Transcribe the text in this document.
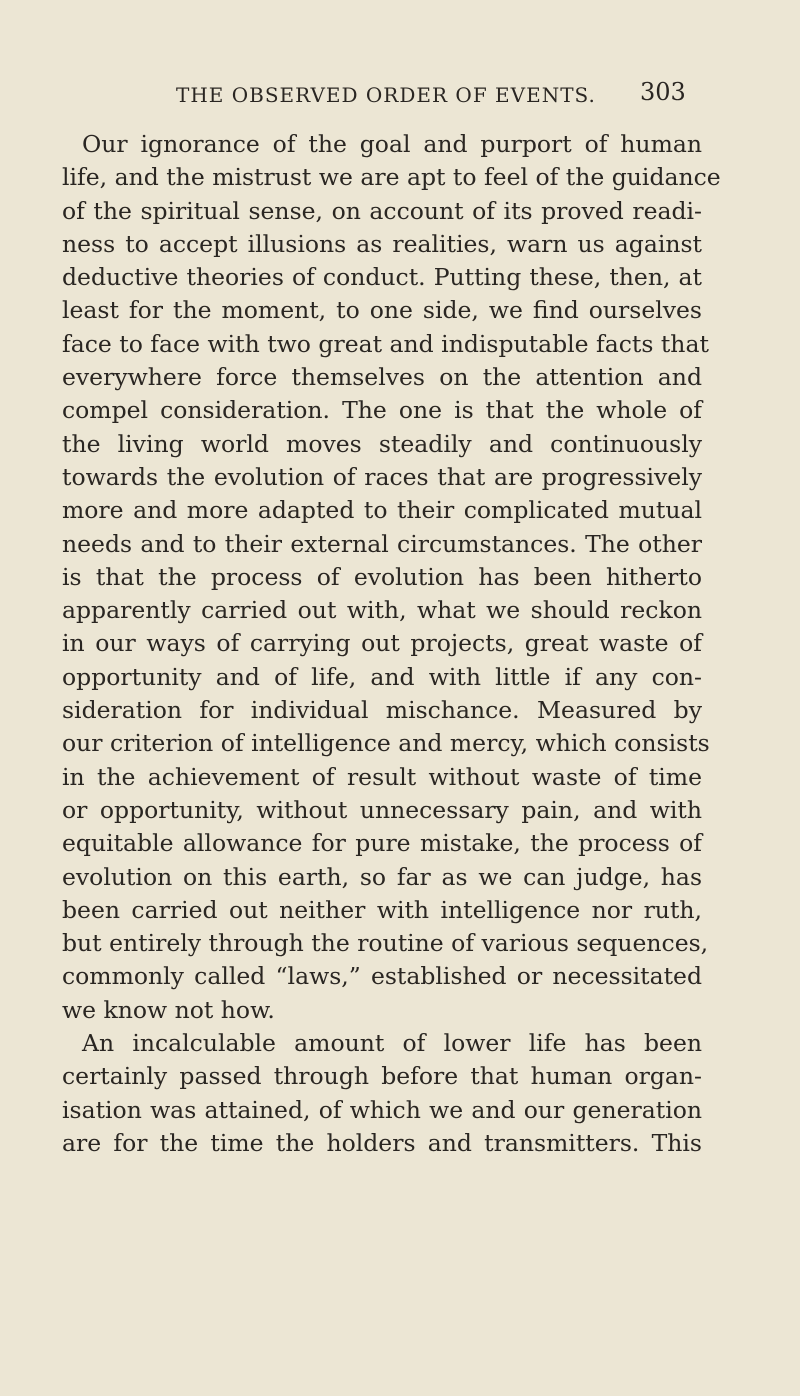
THE OBSERVED ORDER OF EVENTS. 303
Our ignorance of the goal and purport of human
life, and the mistrust we are apt to feel of the guidance
of the spiritual sense, on account of its proved readi-
ness to accept illusions as realities, warn us against
deductive theories of conduct. Putting these, then, at
least for the moment, to one side, we find ourselves
face to face with two great and indisputable facts that
everywhere force themselves on the attention and
compel consideration. The one is that the whole of
the living world moves steadily and continuously
towards the evolution of races that are progressively
more and more adapted to their complicated mutual
needs and to their external circumstances. The other
is that the process of evolution has been hitherto
apparently carried out with, what we should reckon
in our ways of carrying out projects, great waste of
opportunity and of life, and with little if any con-
sideration for individual mischance. Measured by
our criterion of intelligence and mercy, which consists
in the achievement of result without waste of time
or opportunity, without unnecessary pain, and with
equitable allowance for pure mistake, the process of
evolution on this earth, so far as we can judge, has
been carried out neither with intelligence nor ruth,
but entirely through the routine of various sequences,
commonly called “laws,” established or necessitated
we know not how.
An incalculable amount of lower life has been
certainly passed through before that human organ-
isation was attained, of which we and our generation
are for the time the holders and transmitters. This
